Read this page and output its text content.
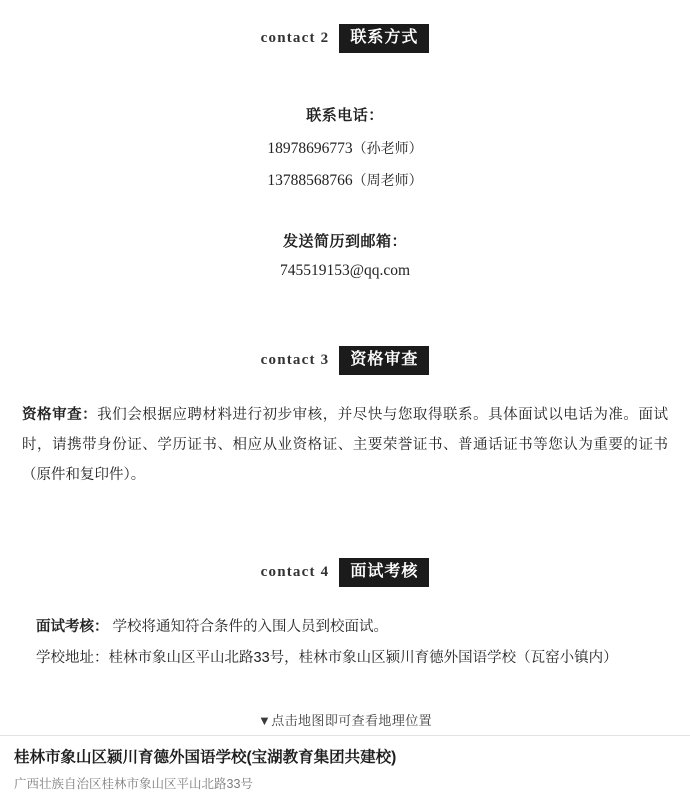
contact 2	联系方式
联系电话：
18978696773（孙老师）
13788568766（周老师）
发送简历到邮箱：
745519153@qq.com
contact 3	资格审查
资格审查：我们会根据应聘材料进行初步审核，并尽快与您取得联系。具体面试以电话为准。面试时，请携带身份证、学历证书、相应从业资格证、主要荣誉证书、普通话证书等您认为重要的证书（原件和复印件）。
contact 4	面试考核
面试考核： 学校将通知符合条件的入围人员到校面试。
学校地址：桂林市象山区平山北路33号，桂林市象山区颍川育德外国语学校（瓦窑小镇内）
▼点击地图即可查看地理位置
桂林市象山区颍川育德外国语学校(宝湖教育集团共建校)
广西壮族自治区桂林市象山区平山北路33号
